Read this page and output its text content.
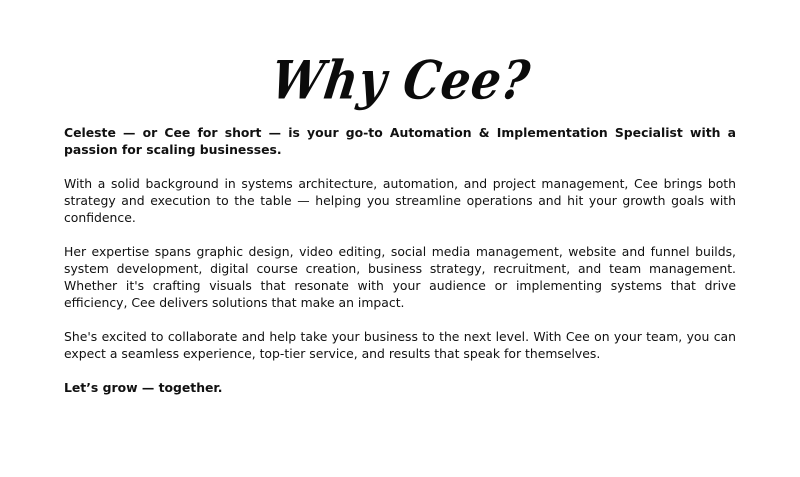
Why Cee?

Celeste — or Cee for short — is your go-to Automation & Implementation Specialist with a passion for scaling businesses.

With a solid background in systems architecture, automation, and project management, Cee brings both strategy and execution to the table — helping you streamline operations and hit your growth goals with confidence.

Her expertise spans graphic design, video editing, social media management, website and funnel builds, system development, digital course creation, business strategy, recruitment, and team management. Whether it's crafting visuals that resonate with your audience or implementing systems that drive efficiency, Cee delivers solutions that make an impact.

She's excited to collaborate and help take your business to the next level. With Cee on your team, you can expect a seamless experience, top-tier service, and results that speak for themselves.

Let’s grow — together.
